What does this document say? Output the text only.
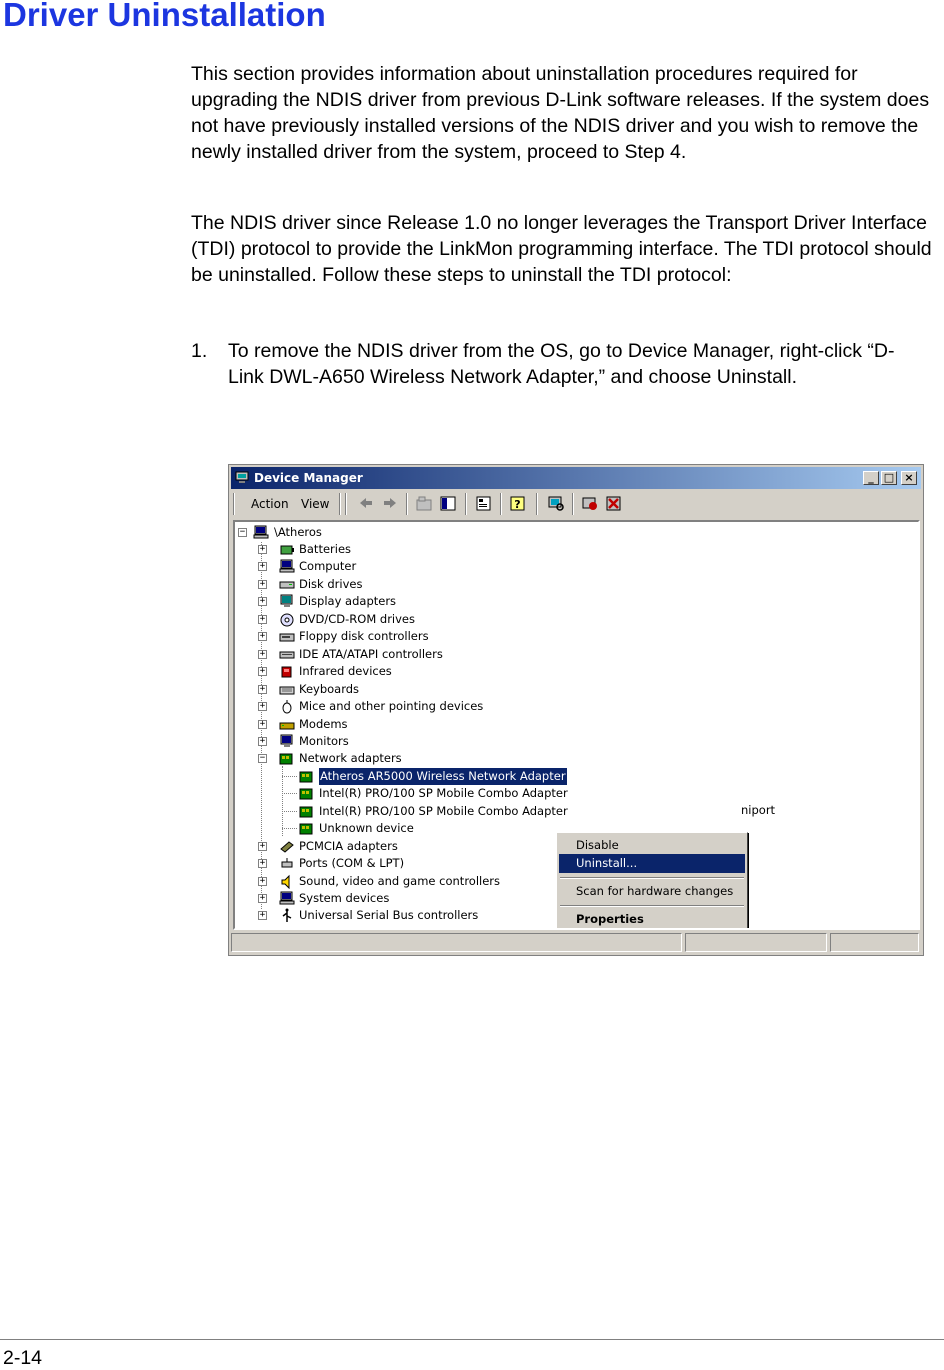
Driver Uninstallation

This section provides information about uninstallation procedures required for upgrading the NDIS driver from previous D-Link software releases. If the system does not have previously installed versions of the NDIS driver and you wish to remove the newly installed driver from the system, proceed to Step 4.

The NDIS driver since Release 1.0 no longer leverages the Transport Driver Interface (TDI) protocol to provide the LinkMon programming interface. The TDI protocol should be uninstalled. Follow these steps to uninstall the TDI protocol:

1. To remove the NDIS driver from the OS, go to Device Manager, right-click “D-Link DWL-A650 Wireless Network Adapter,” and choose Uninstall.
Device Manager	_ □ ×
Action View	?
−	\Atheros
+	Batteries
+	Computer
+	Disk drives
+	Display adapters
+	DVD/CD-ROM drives
+	Floppy disk controllers
+	IDE ATA/ATAPI controllers
+	Infrared devices
+	Keyboards
+	Mice and other pointing devices
+	Modems
+	Monitors
−	Network adapters
Atheros AR5000 Wireless Network Adapter
Intel(R) PRO/100 SP Mobile Combo Adapter
Intel(R) PRO/100 SP Mobile Combo Adapter
Unknown device
+	PCMCIA adapters
+	Ports (COM & LPT)
+	Sound, video and game controllers
+	System devices
+	Universal Serial Bus controllers
niport
Disable
Uninstall...
Scan for hardware changes
Properties
2-14
